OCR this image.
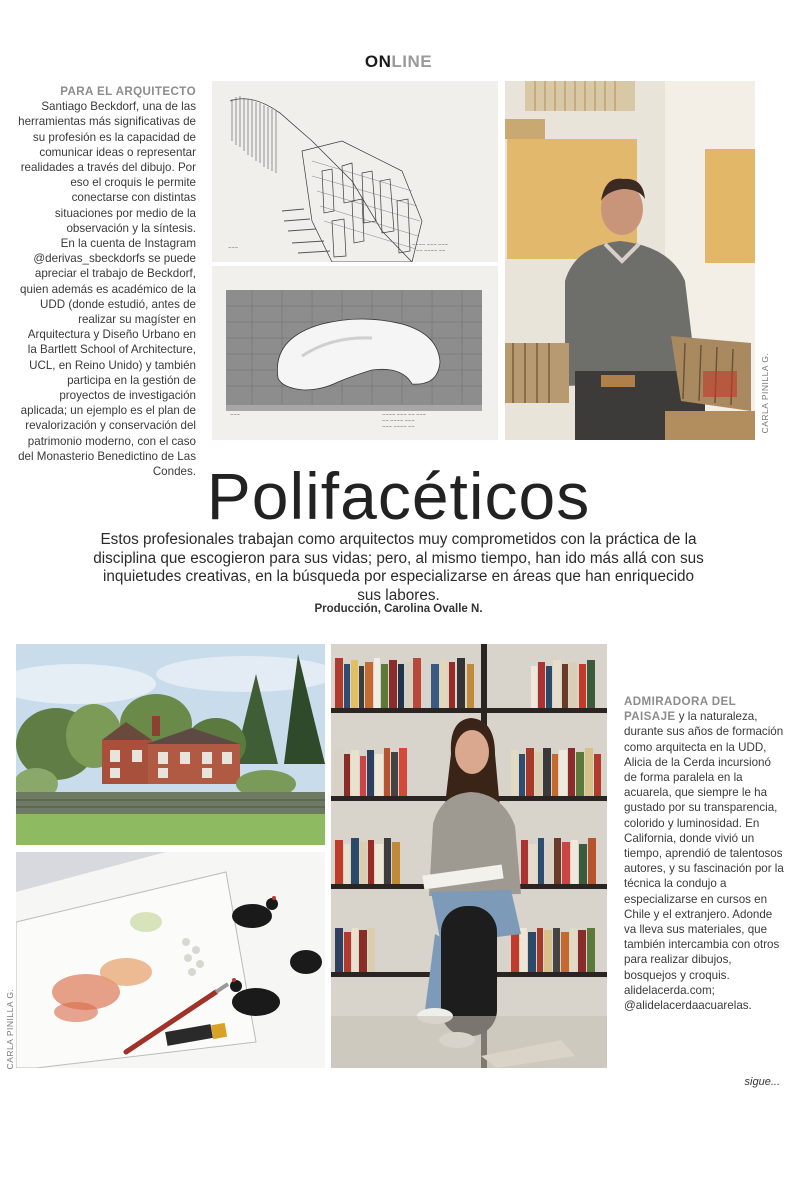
ONLINE

PARA EL ARQUITECTO Santiago Beckdorf, una de las herramientas más significativas de su profesión es la capacidad de comunicar ideas o representar realidades a través del dibujo. Por eso el croquis le permite conectarse con distintas situaciones por medio de la observación y la síntesis.

En la cuenta de Instagram @derivas_sbeckdorfs se puede apreciar el trabajo de Beckdorf, quien además es académico de la UDD (donde estudió, antes de realizar su magíster en Arquitectura y Diseño Urbano en la Bartlett School of Architecture, UCL, en Reino Unido) y también participa en la gestión de proyectos de investigación aplicada; un ejemplo es el plan de revalorización y conservación del patrimonio moderno, con el caso del Monasterio Benedictino de Las Condes.

~~~~ ~~~ ~~~
~~ ~~~~ ~~
~~~
~~~~ ~~~ ~~ ~~~
~~ ~~~~ ~~~
~~~ ~~~~ ~~
~~~	CARLA PINILLA G.
Polifacéticos
Estos profesionales trabajan como arquitectos muy comprometidos con la práctica de la disciplina que escogieron para sus vidas; pero, al mismo tiempo, han ido más allá con sus inquietudes creativas, en la búsqueda por especializarse en áreas que han enriquecido sus labores.
Producción, Carolina Ovalle N.
CARLA PINILLA G.

ADMIRADORA DEL PAISAJE y la naturaleza, durante sus años de formación como arquitecta en la UDD, Alicia de la Cerda incursionó de forma paralela en la acuarela, que siempre le ha gustado por su transparencia, colorido y luminosidad. En California, donde vivió un tiempo, aprendió de talentosos autores, y su fascinación por la técnica la condujo a especializarse en cursos en Chile y el extranjero. Adonde va lleva sus materiales, que también intercambia con otros para realizar dibujos, bosquejos y croquis. alidelacerda.com; @alidelacerdaacuarelas.

sigue...
